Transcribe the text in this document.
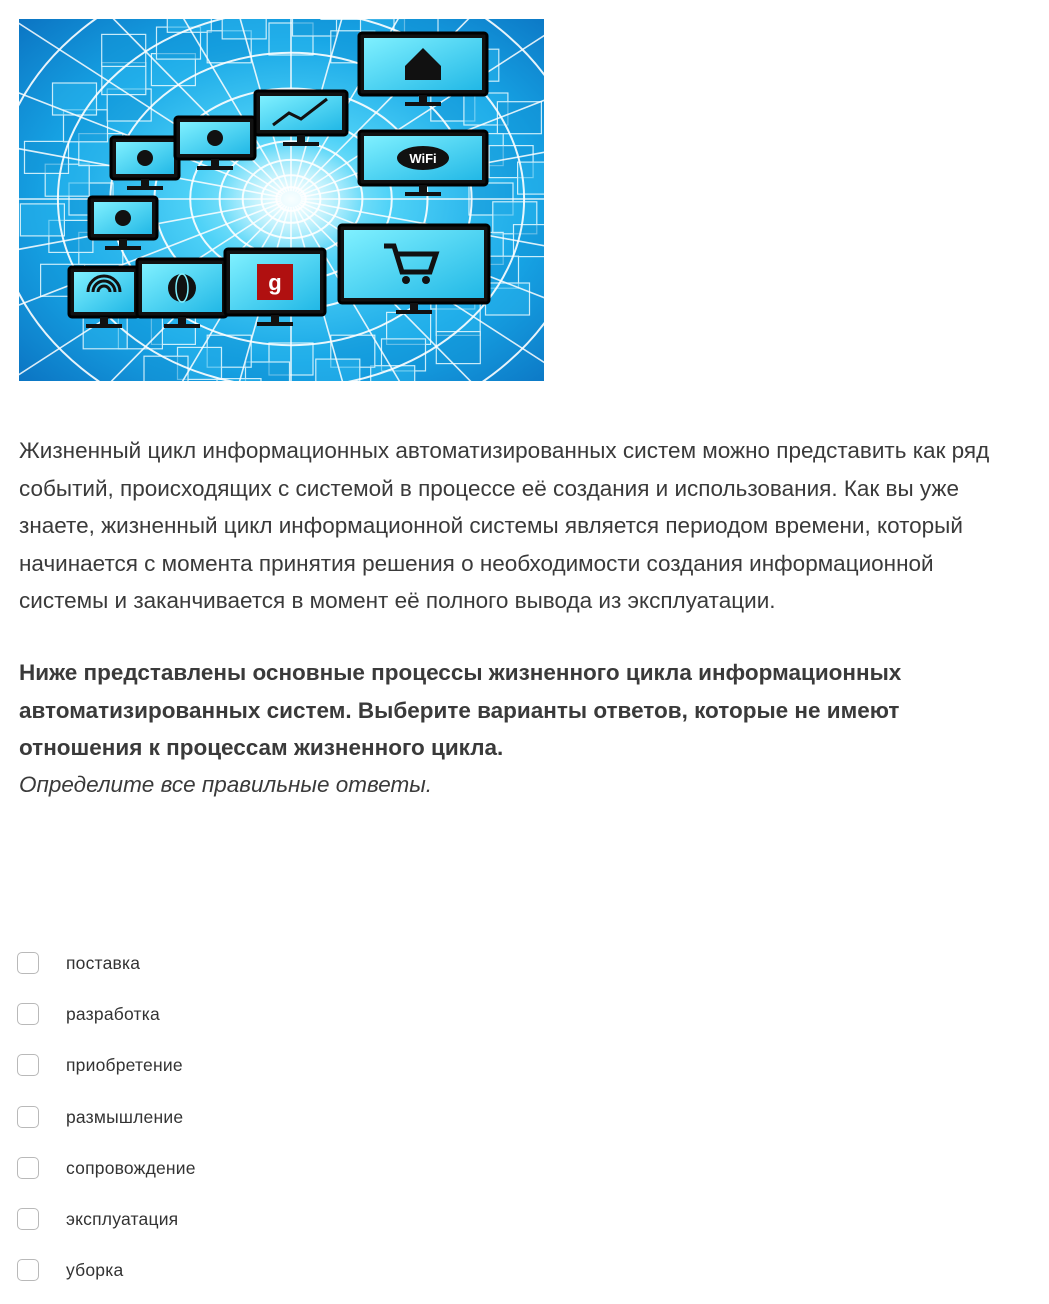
g
WiFi

Жизненный цикл информационных автоматизированных систем можно представить как ряд событий, происходящих с системой в процессе её создания и использования. Как вы уже знаете, жизненный цикл информационной системы является периодом времени, который начинается с момента принятия решения о необходимости создания информационной системы и заканчивается в момент её полного вывода из эксплуатации.

Ниже представлены основные процессы жизненного цикла информационных автоматизированных систем. Выберите варианты ответов, которые не имеют отношения к процессам жизненного цикла.

Определите все правильные ответы.

поставка
разработка
приобретение
размышление
сопровождение
эксплуатация
уборка
